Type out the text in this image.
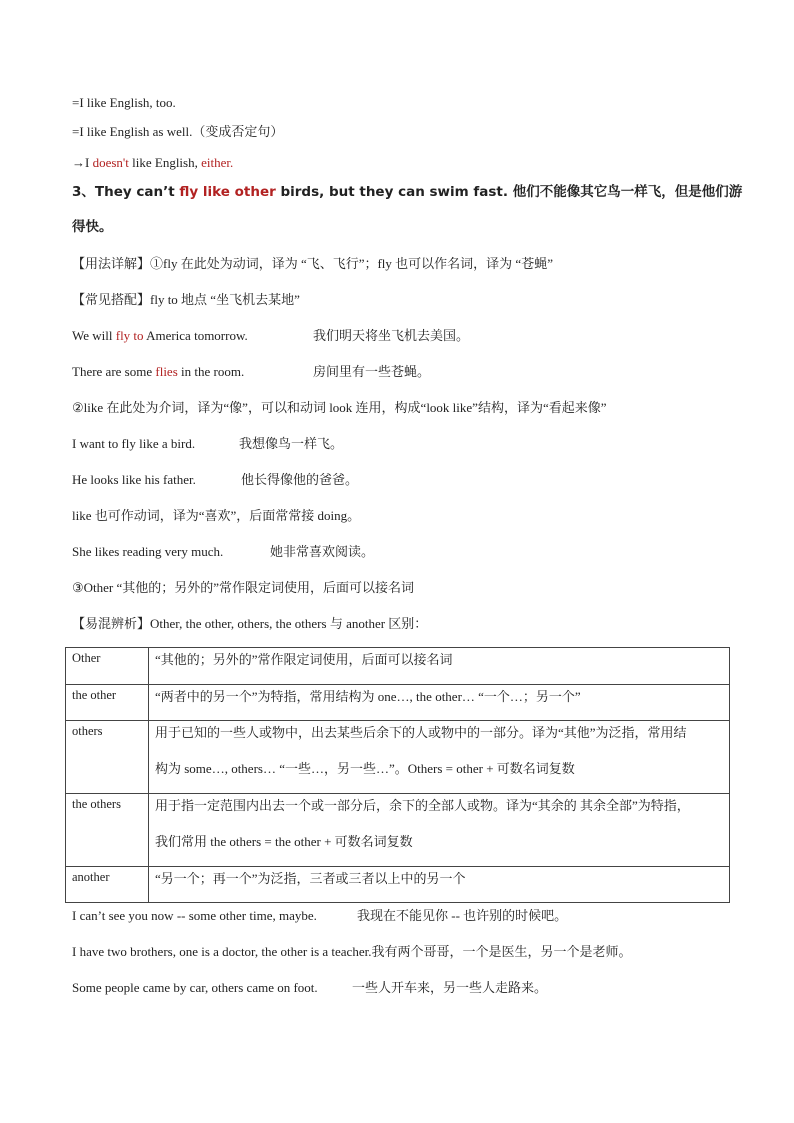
=I like English, too.
=I like English as well.（变成否定句）
→I doesn't like English, either.
3、They can’t fly like other birds, but they can swim fast. 他们不能像其它鸟一样飞，但是他们游
得快。
【用法详解】①fly 在此处为动词，译为 “飞、飞行”；fly 也可以作名词，译为 “苍蝇”
【常见搭配】fly to 地点 “坐飞机去某地”
We will fly to America tomorrow.	我们明天将坐飞机去美国。
There are some flies in the room.	房间里有一些苍蝇。
②like 在此处为介词，译为“像”，可以和动词 look 连用，构成“look like”结构，译为“看起来像”
I want to fly like a bird.	我想像鸟一样飞。
He looks like his father.	他长得像他的爸爸。
like 也可作动词，译为“喜欢”，后面常常接 doing。
She likes reading very much.	她非常喜欢阅读。
③Other “其他的；另外的”常作限定词使用，后面可以接名词
【易混辨析】Other, the other, others, the others 与 another 区别：
Other	“其他的；另外的”常作限定词使用，后面可以接名词

the other	“两者中的另一个”为特指，常用结构为 one…, the other… “一个…；另一个”

others	用于已知的一些人或物中，出去某些后余下的人或物中的一部分。译为“其他”为泛指，常用结
构为 some…, others… “一些…，另一些…”。Others = other + 可数名词复数

the others	用于指一定范围内出去一个或一部分后，余下的全部人或物。译为“其余的 其余全部”为特指，
我们常用 the others = the other + 可数名词复数

another	“另一个；再一个”为泛指，三者或三者以上中的另一个
I can’t see you now -- some other time, maybe.	我现在不能见你 -- 也许别的时候吧。
I have two brothers, one is a doctor, the other is a teacher.我有两个哥哥，一个是医生，另一个是老师。
Some people came by car, others came on foot.	一些人开车来，另一些人走路来。
